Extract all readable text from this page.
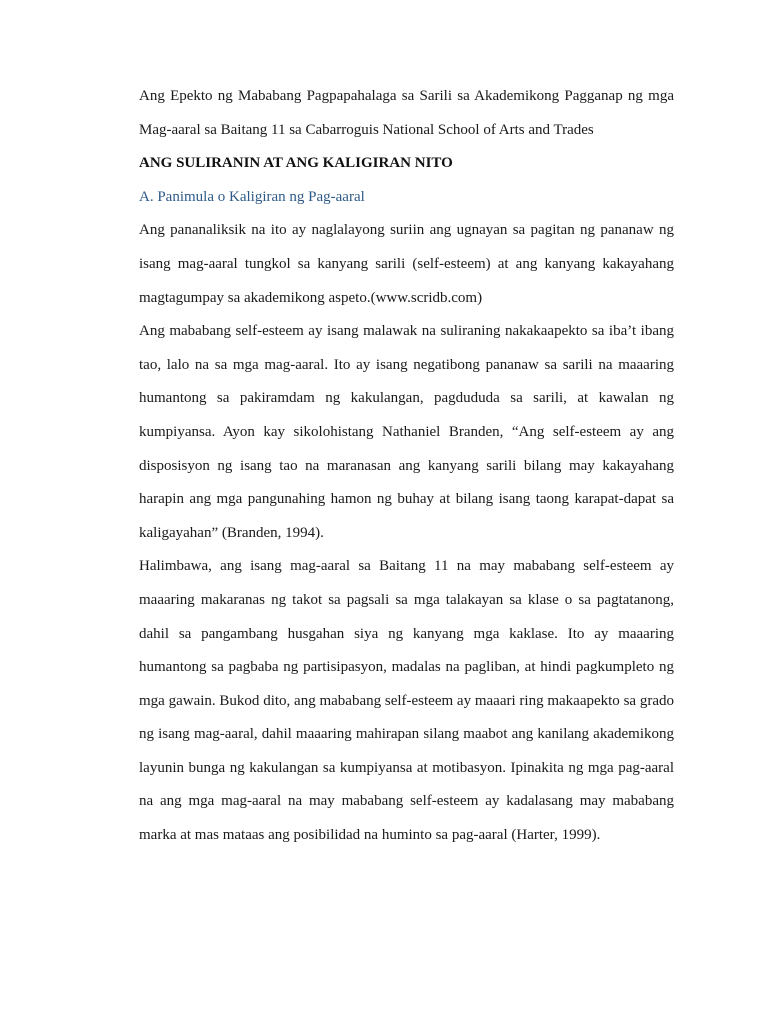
Ang Epekto ng Mababang Pagpapahalaga sa Sarili sa Akademikong Pagganap ng mga Mag-aaral sa Baitang 11 sa Cabarroguis National School of Arts and Trades

ANG SULIRANIN AT ANG KALIGIRAN NITO

A. Panimula o Kaligiran ng Pag-aaral

Ang pananaliksik na ito ay naglalayong suriin ang ugnayan sa pagitan ng pananaw ng isang mag-aaral tungkol sa kanyang sarili (self-esteem) at ang kanyang kakayahang magtagumpay sa akademikong aspeto.(www.scridb.com)

Ang mababang self-esteem ay isang malawak na suliraning nakakaapekto sa iba’t ibang tao, lalo na sa mga mag-aaral. Ito ay isang negatibong pananaw sa sarili na maaaring humantong sa pakiramdam ng kakulangan, pagdududa sa sarili, at kawalan ng kumpiyansa. Ayon kay sikolohistang Nathaniel Branden, “Ang self-esteem ay ang disposisyon ng isang tao na maranasan ang kanyang sarili bilang may kakayahang harapin ang mga pangunahing hamon ng buhay at bilang isang taong karapat-dapat sa kaligayahan” (Branden, 1994).

Halimbawa, ang isang mag-aaral sa Baitang 11 na may mababang self-esteem ay maaaring makaranas ng takot sa pagsali sa mga talakayan sa klase o sa pagtatanong, dahil sa pangambang husgahan siya ng kanyang mga kaklase. Ito ay maaaring humantong sa pagbaba ng partisipasyon, madalas na pagliban, at hindi pagkumpleto ng mga gawain. Bukod dito, ang mababang self-esteem ay maaari ring makaapekto sa grado ng isang mag-aaral, dahil maaaring mahirapan silang maabot ang kanilang akademikong layunin bunga ng kakulangan sa kumpiyansa at motibasyon. Ipinakita ng mga pag-aaral na ang mga mag-aaral na may mababang self-esteem ay kadalasang may mababang marka at mas mataas ang posibilidad na huminto sa pag-aaral (Harter, 1999).
